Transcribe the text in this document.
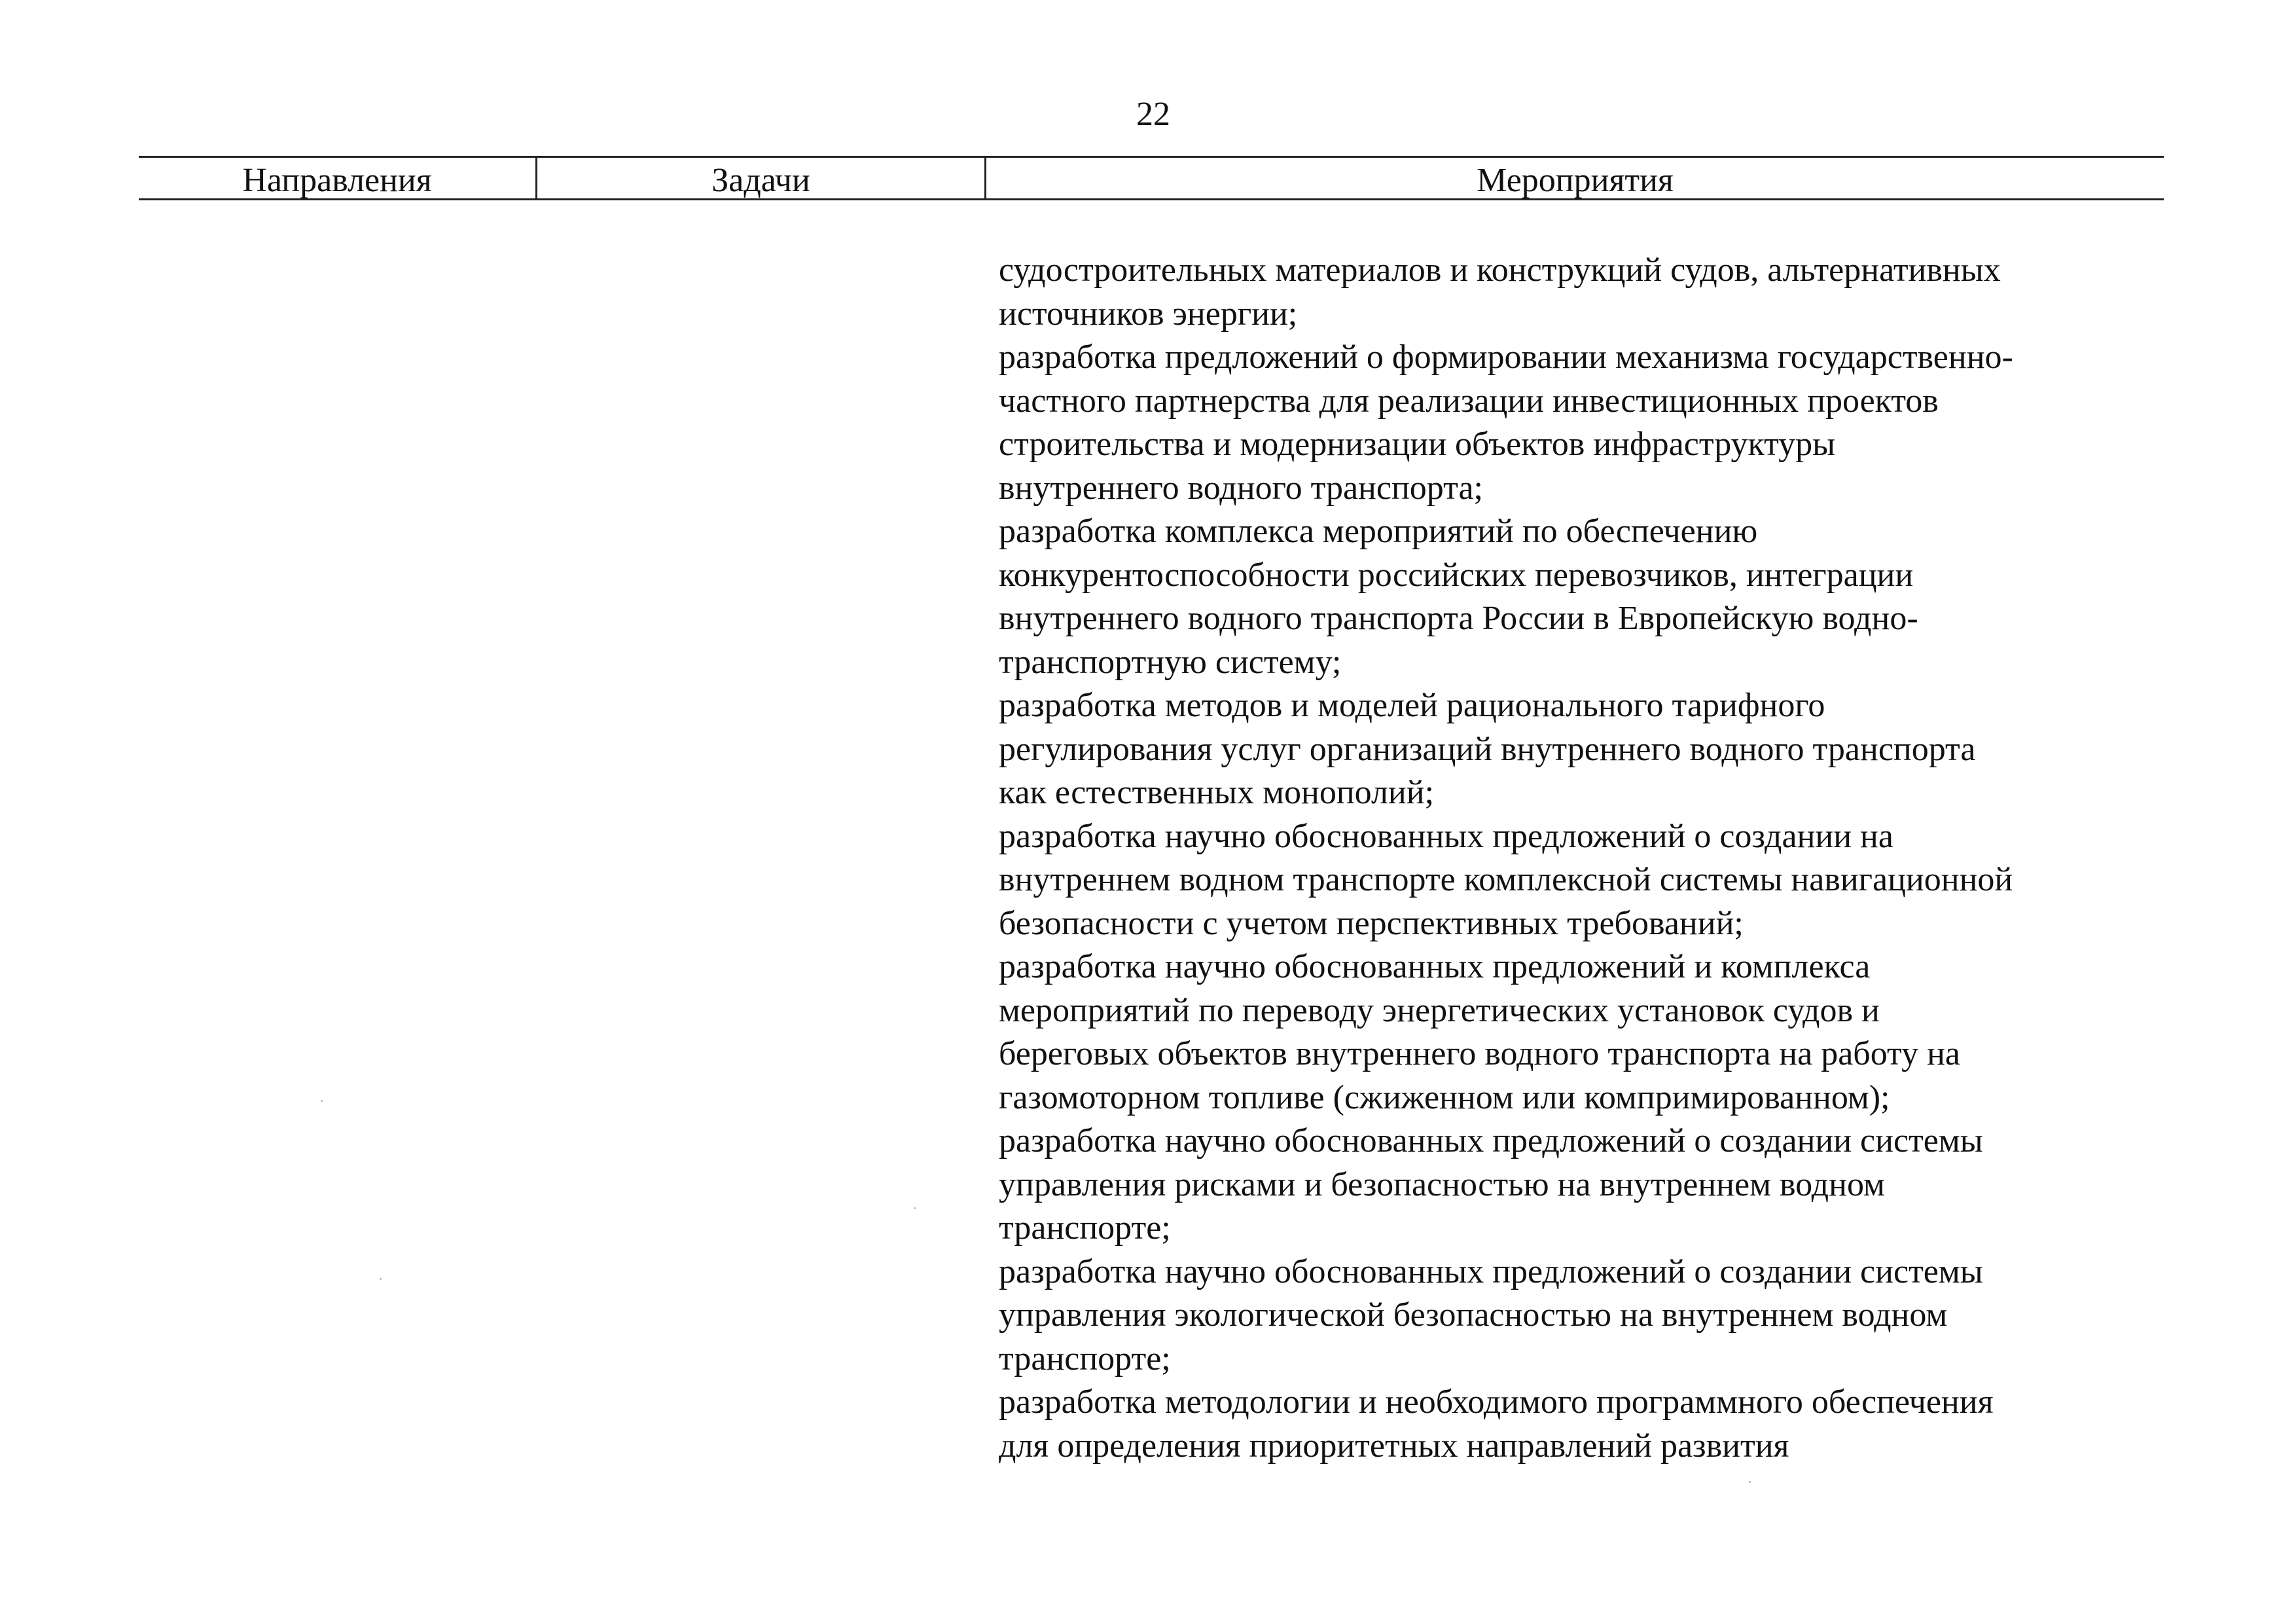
22
Направления	Задачи	Мероприятия
судостроительных материалов и конструкций судов, альтернативных
источников энергии;
разработка предложений о формировании механизма государственно-
частного партнерства для реализации инвестиционных проектов
строительства и модернизации объектов инфраструктуры
внутреннего водного транспорта;
разработка комплекса мероприятий по обеспечению
конкурентоспособности российских перевозчиков, интеграции
внутреннего водного транспорта России в Европейскую водно-
транспортную систему;
разработка методов и моделей рационального тарифного
регулирования услуг организаций внутреннего водного транспорта
как естественных монополий;
разработка научно обоснованных предложений о создании на
внутреннем водном транспорте комплексной системы навигационной
безопасности с учетом перспективных требований;
разработка научно обоснованных предложений и комплекса
мероприятий по переводу энергетических установок судов и
береговых объектов внутреннего водного транспорта на работу на
газомоторном топливе (сжиженном или компримированном);
разработка научно обоснованных предложений о создании системы
управления рисками и безопасностью на внутреннем водном
транспорте;
разработка научно обоснованных предложений о создании системы
управления экологической безопасностью на внутреннем водном
транспорте;
разработка методологии и необходимого программного обеспечения
для определения приоритетных направлений развития
